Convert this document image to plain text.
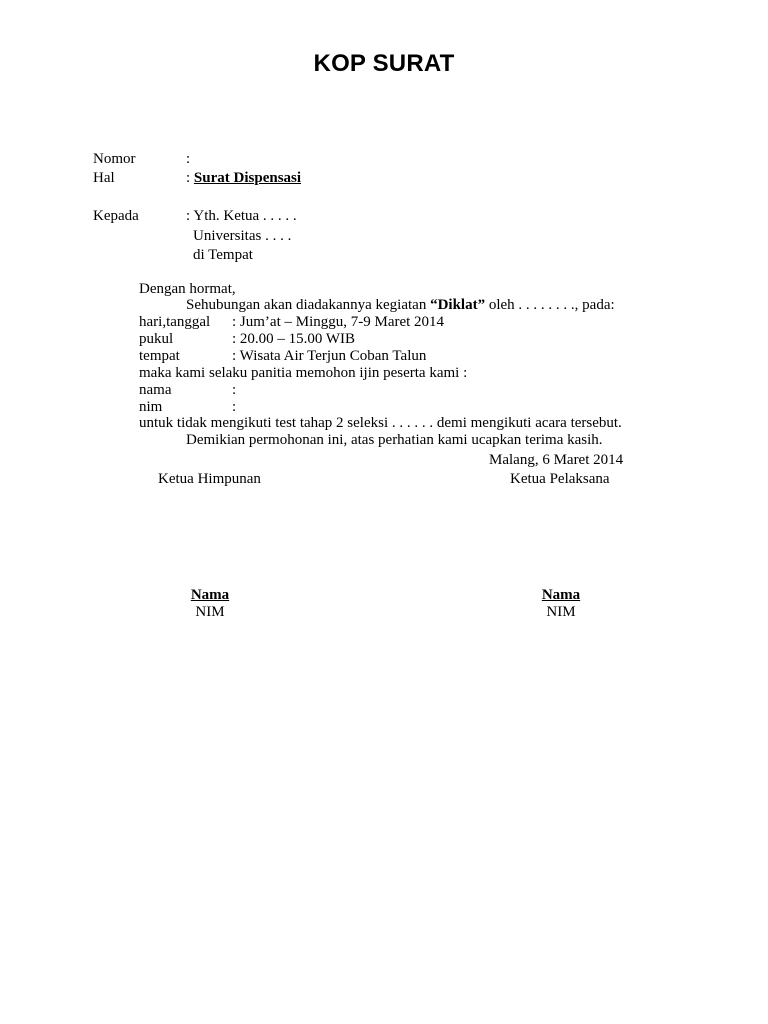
KOP SURAT
Nomor	:
Hal	: Surat Dispensasi
Kepada	: Yth. Ketua . . . . .
Universitas . . . .
di Tempat
Dengan hormat,
Sehubungan akan diadakannya kegiatan “Diklat” oleh . . . . . . . ., pada:
hari,tanggal : Jum’at – Minggu, 7-9 Maret 2014
pukul	: 20.00 – 15.00 WIB
tempat	: Wisata Air Terjun Coban Talun
maka kami selaku panitia memohon ijin peserta kami :
nama	:
nim	:
untuk tidak mengikuti test tahap 2 seleksi . . . . . . demi mengikuti acara tersebut.
Demikian permohonan ini, atas perhatian kami ucapkan terima kasih.
Malang, 6 Maret 2014
Ketua Himpunan	Ketua Pelaksana
Nama
NIM
Nama
NIM
